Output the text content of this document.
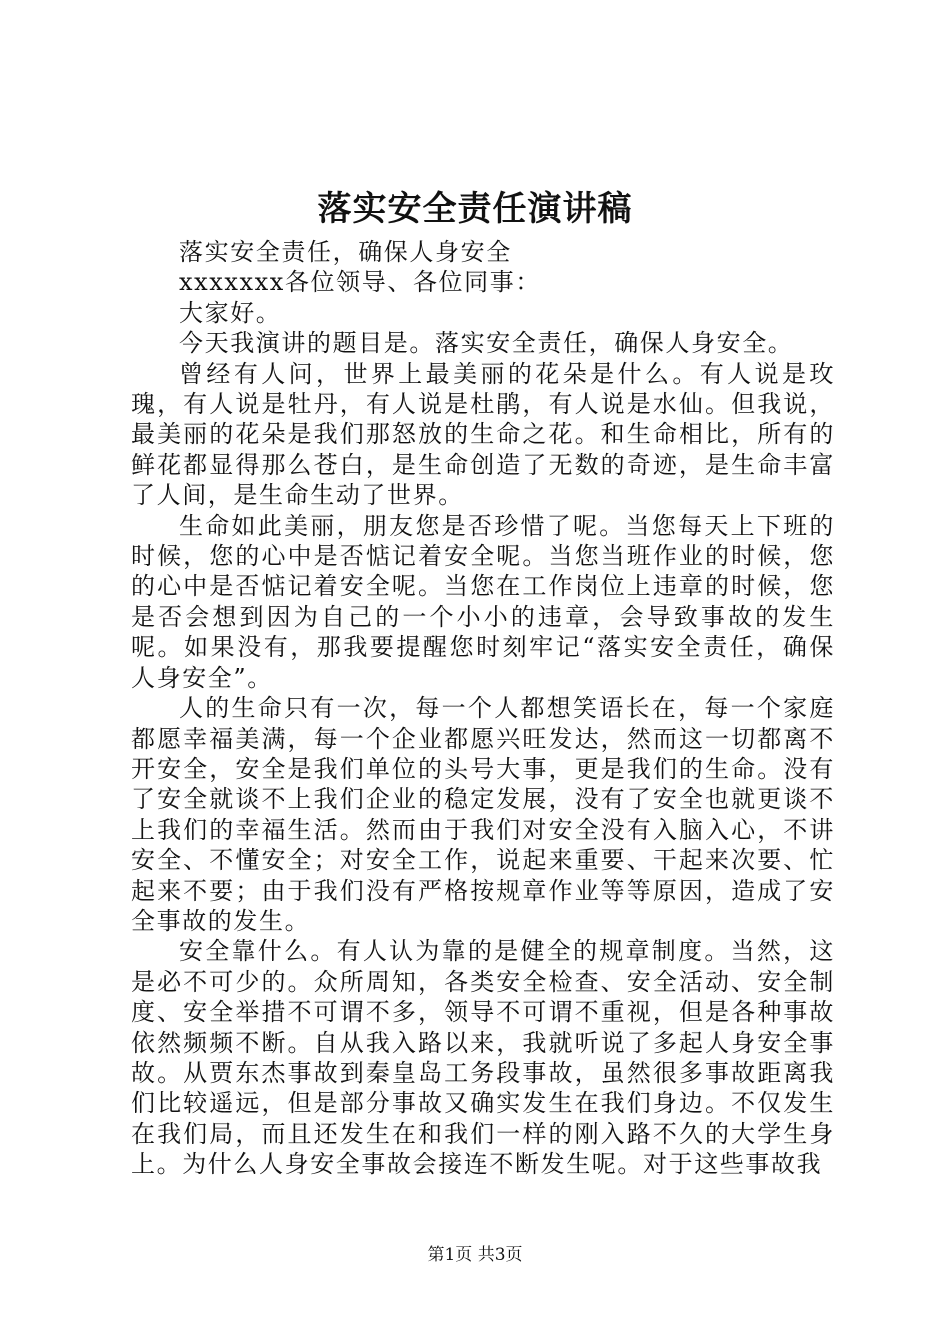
落实安全责任演讲稿

落实安全责任，确保人身安全

xxxxxxx各位领导、各位同事：

大家好。

今天我演讲的题目是。落实安全责任，确保人身安全。

曾经有人问，世界上最美丽的花朵是什么。有人说是玫瑰，有人说是牡丹，有人说是杜鹃，有人说是水仙。但我说，最美丽的花朵是我们那怒放的生命之花。和生命相比，所有的鲜花都显得那么苍白，是生命创造了无数的奇迹，是生命丰富了人间，是生命生动了世界。

生命如此美丽，朋友您是否珍惜了呢。当您每天上下班的时候，您的心中是否惦记着安全呢。当您当班作业的时候，您的心中是否惦记着安全呢。当您在工作岗位上违章的时候，您是否会想到因为自己的一个小小的违章，会导致事故的发生呢。如果没有，那我要提醒您时刻牢记“落实安全责任，确保人身安全”。

人的生命只有一次，每一个人都想笑语长在，每一个家庭都愿幸福美满，每一个企业都愿兴旺发达，然而这一切都离不开安全，安全是我们单位的头号大事，更是我们的生命。没有了安全就谈不上我们企业的稳定发展，没有了安全也就更谈不上我们的幸福生活。然而由于我们对安全没有入脑入心，不讲安全、不懂安全；对安全工作，说起来重要、干起来次要、忙起来不要；由于我们没有严格按规章作业等等原因，造成了安全事故的发生。

安全靠什么。有人认为靠的是健全的规章制度。当然，这是必不可少的。众所周知，各类安全检查、安全活动、安全制度、安全举措不可谓不多，领导不可谓不重视，但是各种事故依然频频不断。自从我入路以来，我就听说了多起人身安全事故。从贾东杰事故到秦皇岛工务段事故，虽然很多事故距离我们比较遥远，但是部分事故又确实发生在我们身边。不仅发生在我们局，而且还发生在和我们一样的刚入路不久的大学生身上。为什么人身安全事故会接连不断发生呢。对于这些事故我

第1页 共3页
